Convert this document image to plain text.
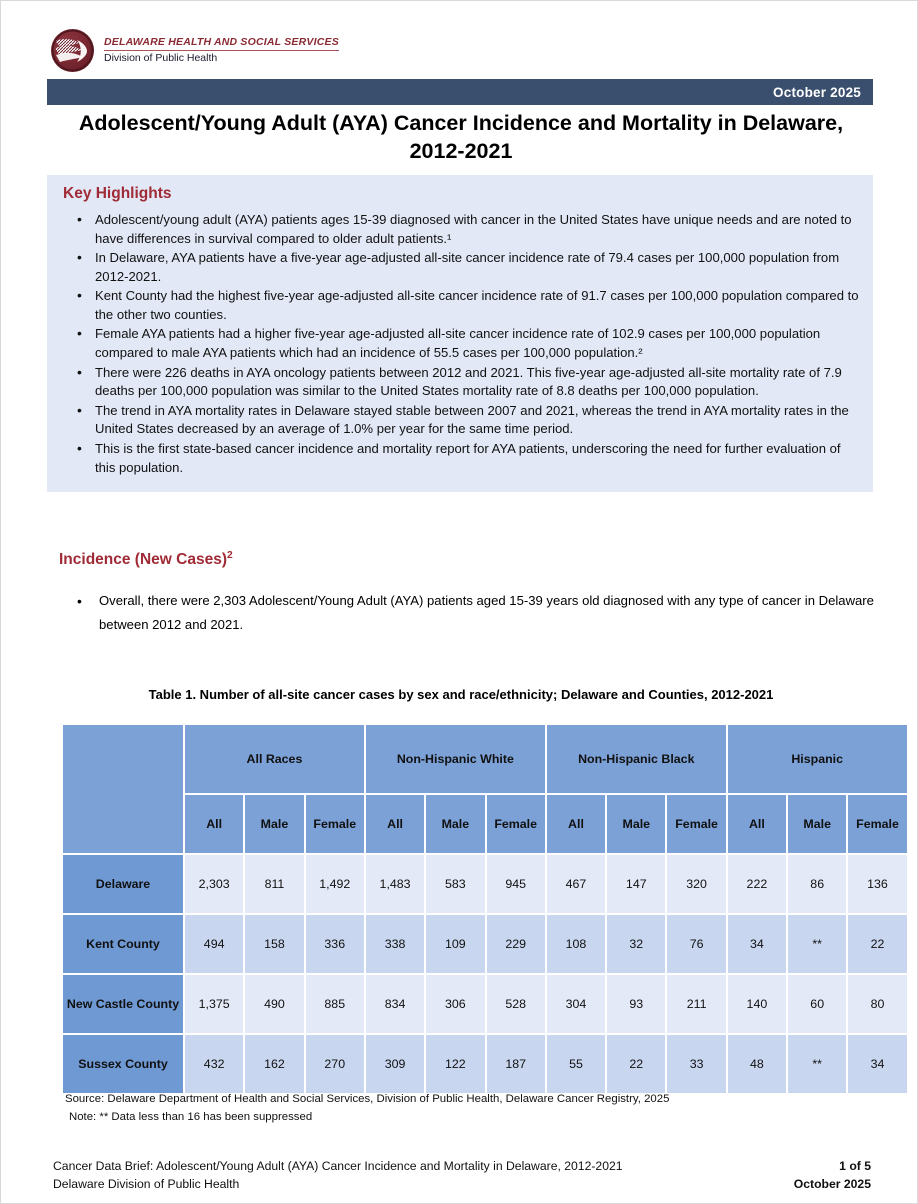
DELAWARE HEALTH AND SOCIAL SERVICES
Division of Public Health
October 2025
Adolescent/Young Adult (AYA) Cancer Incidence and Mortality in Delaware, 2012-2021
Key Highlights
• Adolescent/young adult (AYA) patients ages 15-39 diagnosed with cancer in the United States have unique needs and are noted to have differences in survival compared to older adult patients.¹
• In Delaware, AYA patients have a five-year age-adjusted all-site cancer incidence rate of 79.4 cases per 100,000 population from 2012-2021.
• Kent County had the highest five-year age-adjusted all-site cancer incidence rate of 91.7 cases per 100,000 population compared to the other two counties.
• Female AYA patients had a higher five-year age-adjusted all-site cancer incidence rate of 102.9 cases per 100,000 population compared to male AYA patients which had an incidence of 55.5 cases per 100,000 population.²
• There were 226 deaths in AYA oncology patients between 2012 and 2021. This five-year age-adjusted all-site mortality rate of 7.9 deaths per 100,000 population was similar to the United States mortality rate of 8.8 deaths per 100,000 population.
• The trend in AYA mortality rates in Delaware stayed stable between 2007 and 2021, whereas the trend in AYA mortality rates in the United States decreased by an average of 1.0% per year for the same time period.
• This is the first state-based cancer incidence and mortality report for AYA patients, underscoring the need for further evaluation of this population.
Incidence (New Cases)$^2$
• Overall, there were 2,303 Adolescent/Young Adult (AYA) patients aged 15-39 years old diagnosed with any type of cancer in Delaware between 2012 and 2021.
Table 1. Number of all-site cancer cases by sex and race/ethnicity; Delaware and Counties, 2012-2021
	All Races			Non-Hispanic White			Non-Hispanic Black			Hispanic		
	All	Male	Female	All	Male	Female	All	Male	Female	All	Male	Female
Delaware	2,303	811	1,492	1,483	583	945	467	147	320	222	86	136
Kent County	494	158	336	338	109	229	108	32	76	34	**	22
New Castle County	1,375	490	885	834	306	528	304	93	211	140	60	80
Sussex County	432	162	270	309	122	187	55	22	33	48	**	34
Source: Delaware Department of Health and Social Services, Division of Public Health, Delaware Cancer Registry, 2025
Note: ** Data less than 16 has been suppressed
Cancer Data Brief: Adolescent/Young Adult (AYA) Cancer Incidence and Mortality in Delaware, 2012-2021	1 of 5
Delaware Division of Public Health	October 2025
